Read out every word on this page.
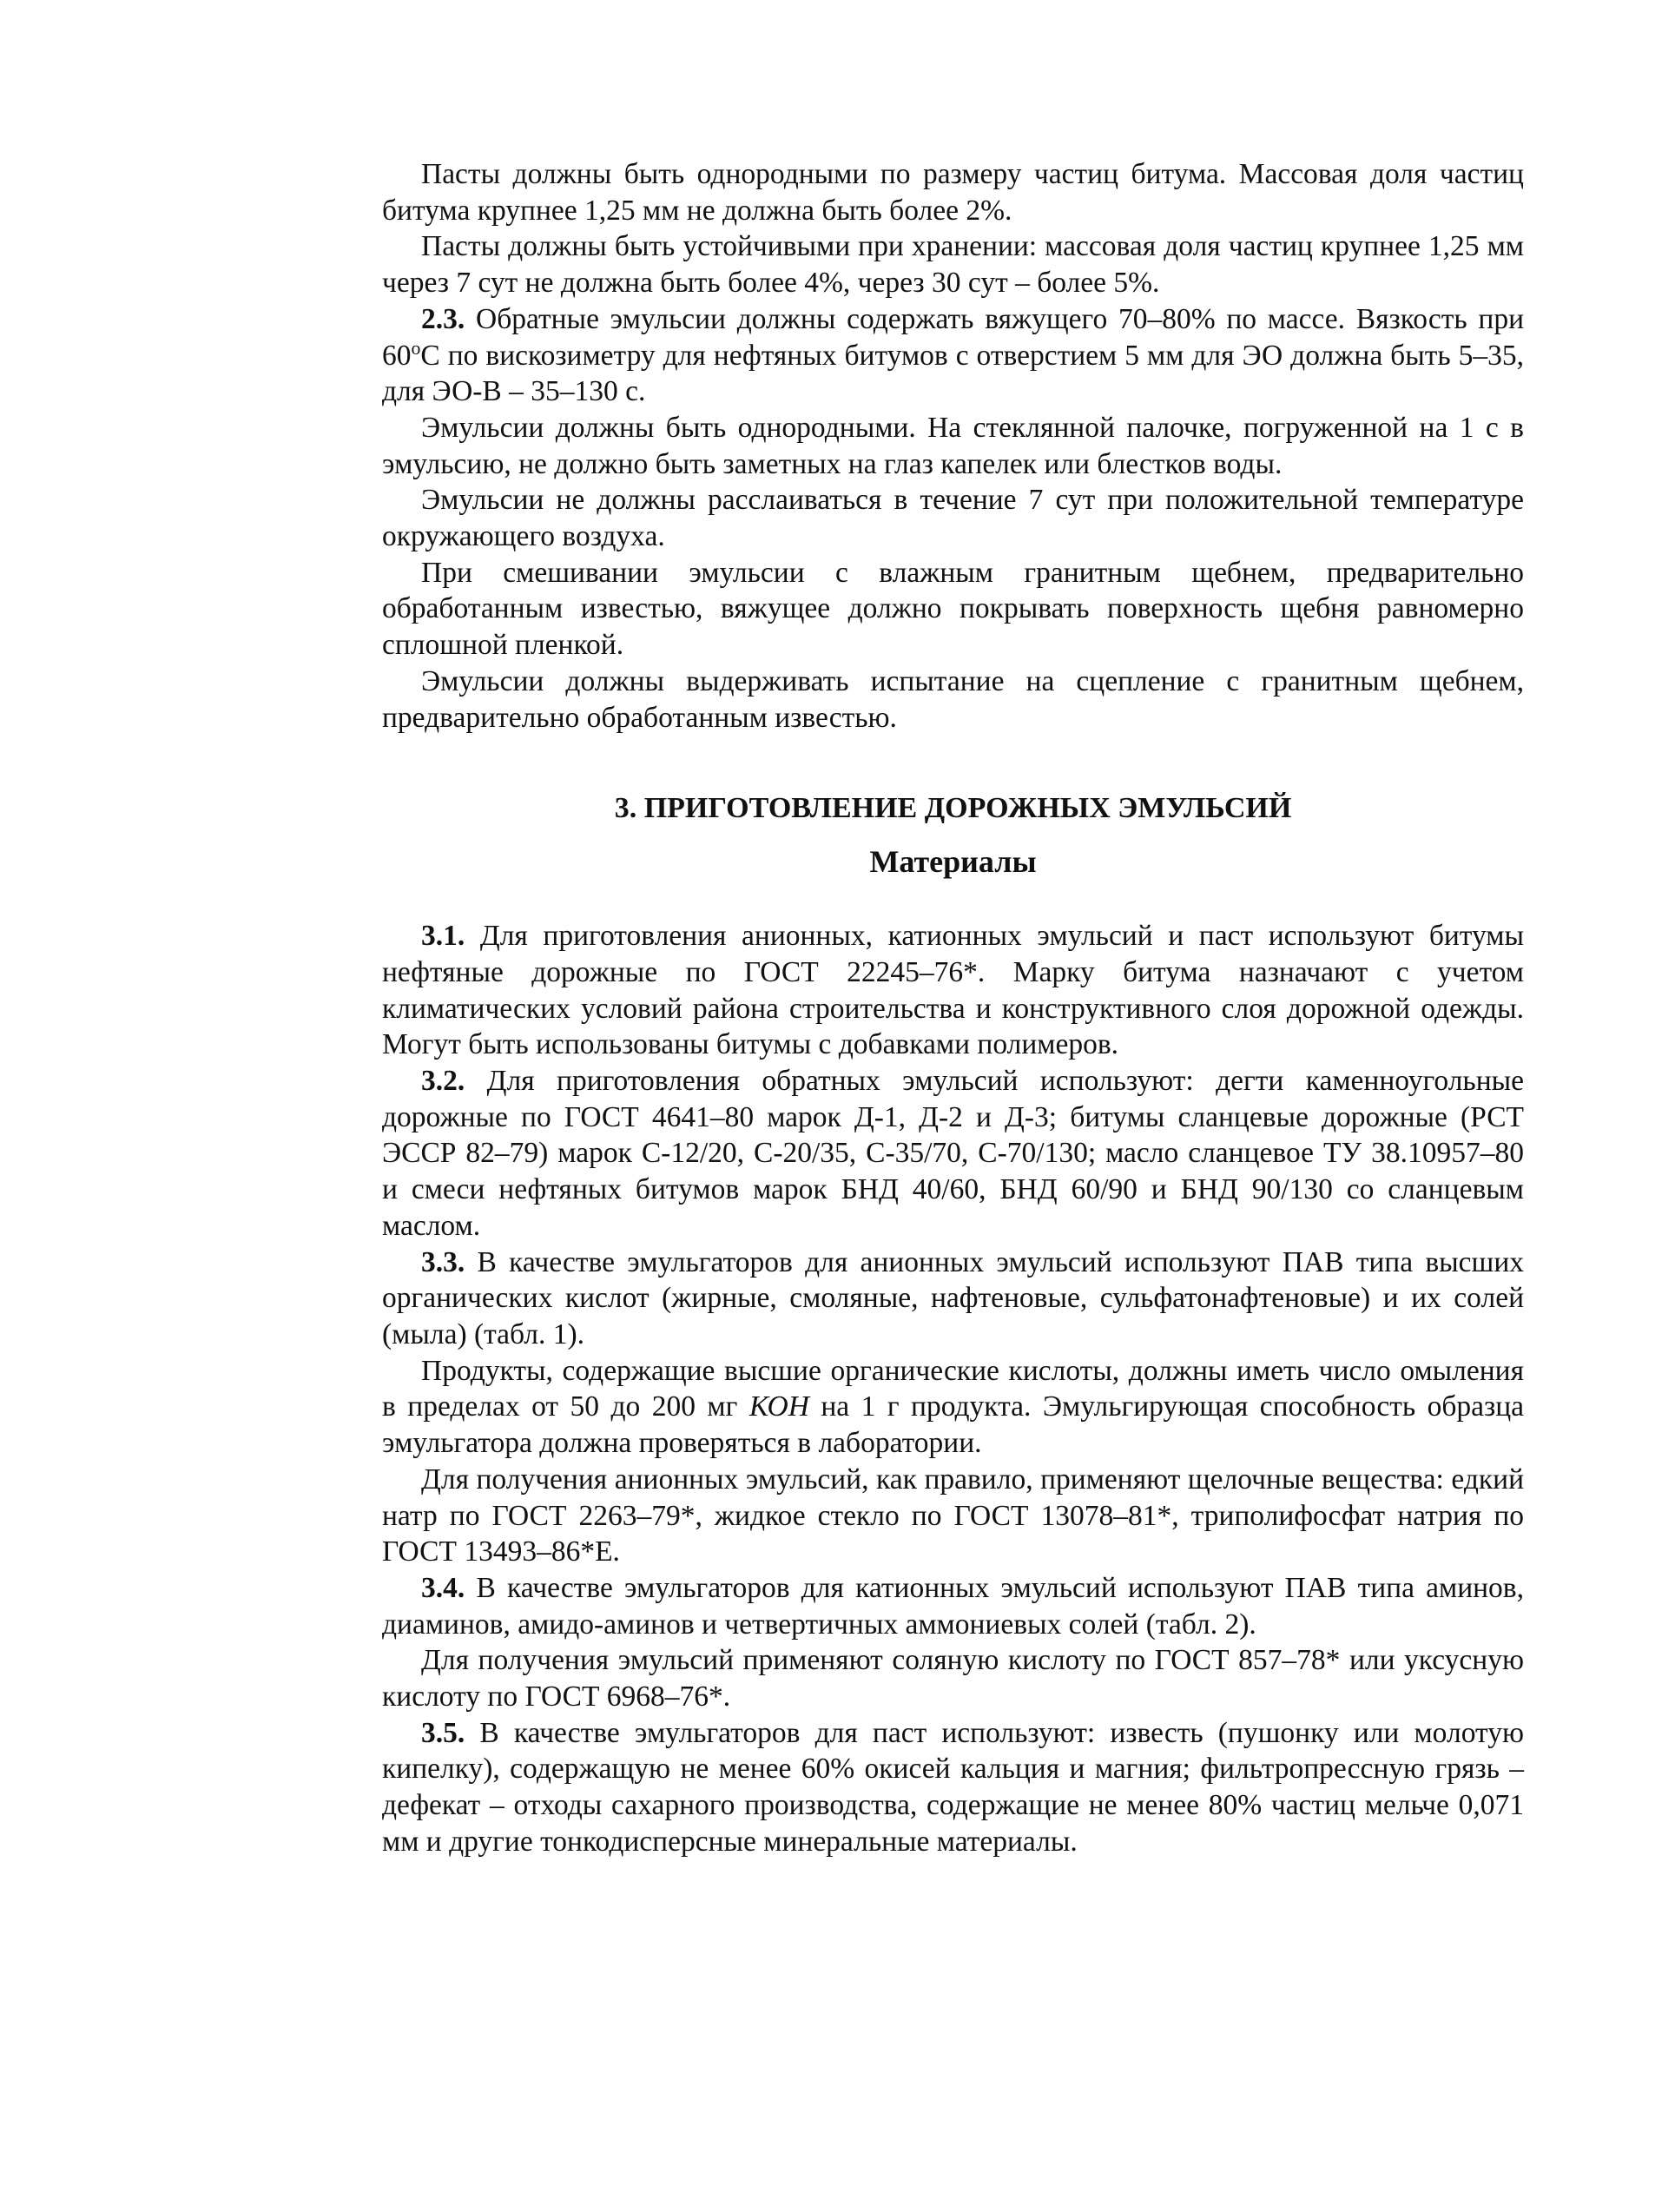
Пасты должны быть однородными по размеру частиц битума. Массовая доля частиц битума крупнее 1,25 мм не должна быть более 2%.

Пасты должны быть устойчивыми при хранении: массовая доля частиц крупнее 1,25 мм через 7 сут не должна быть более 4%, через 30 сут – более 5%.

2.3. Обратные эмульсии должны содержать вяжущего 70–80% по массе. Вязкость при $60^оС$ по вискозиметру для нефтяных битумов с отверстием 5 мм для ЭО должна быть 5–35, для ЭО-В – 35–130 с.

Эмульсии должны быть однородными. На стеклянной палочке, погруженной на 1 с в эмульсию, не должно быть заметных на глаз капелек или блестков воды.

Эмульсии не должны расслаиваться в течение 7 сут при положительной температуре окружающего воздуха.

При смешивании эмульсии с влажным гранитным щебнем, предварительно обработанным известью, вяжущее должно покрывать поверхность щебня равномерно сплошной пленкой.

Эмульсии должны выдерживать испытание на сцепление с гранитным щебнем, предварительно обработанным известью.

3. ПРИГОТОВЛЕНИЕ ДОРОЖНЫХ ЭМУЛЬСИЙ
Материалы

3.1. Для приготовления анионных, катионных эмульсий и паст используют битумы нефтяные дорожные по ГОСТ 22245–76*. Марку битума назначают с учетом климатических условий района строительства и конструктивного слоя дорожной одежды. Могут быть использованы битумы с добавками полимеров.

3.2. Для приготовления обратных эмульсий используют: дегти каменноугольные дорожные по ГОСТ 4641–80 марок Д-1, Д-2 и Д-3; битумы сланцевые дорожные (РСТ ЭССР 82–79) марок С-12/20, С-20/35, С-35/70, С-70/130; масло сланцевое ТУ 38.10957–80 и смеси нефтяных битумов марок БНД 40/60, БНД 60/90 и БНД 90/130 со сланцевым маслом.

3.3. В качестве эмульгаторов для анионных эмульсий используют ПАВ типа высших органических кислот (жирные, смоляные, нафтеновые, сульфатонафтеновые) и их солей (мыла) (табл. 1).

Продукты, содержащие высшие органические кислоты, должны иметь число омыления в пределах от 50 до 200 мг КОН на 1 г продукта. Эмульгирующая способность образца эмульгатора должна проверяться в лаборатории.

Для получения анионных эмульсий, как правило, применяют щелочные вещества: едкий натр по ГОСТ 2263–79*, жидкое стекло по ГОСТ 13078–81*, триполифосфат натрия по ГОСТ 13493–86*Е.

3.4. В качестве эмульгаторов для катионных эмульсий используют ПАВ типа аминов, диаминов, амидо-аминов и четвертичных аммониевых солей (табл. 2).

Для получения эмульсий применяют соляную кислоту по ГОСТ 857–78* или уксусную кислоту по ГОСТ 6968–76*.

3.5. В качестве эмульгаторов для паст используют: известь (пушонку или молотую кипелку), содержащую не менее 60% окисей кальция и магния; фильтропрессную грязь – дефекат – отходы сахарного производства, содержащие не менее 80% частиц мельче 0,071 мм и другие тонкодисперсные минеральные материалы.
